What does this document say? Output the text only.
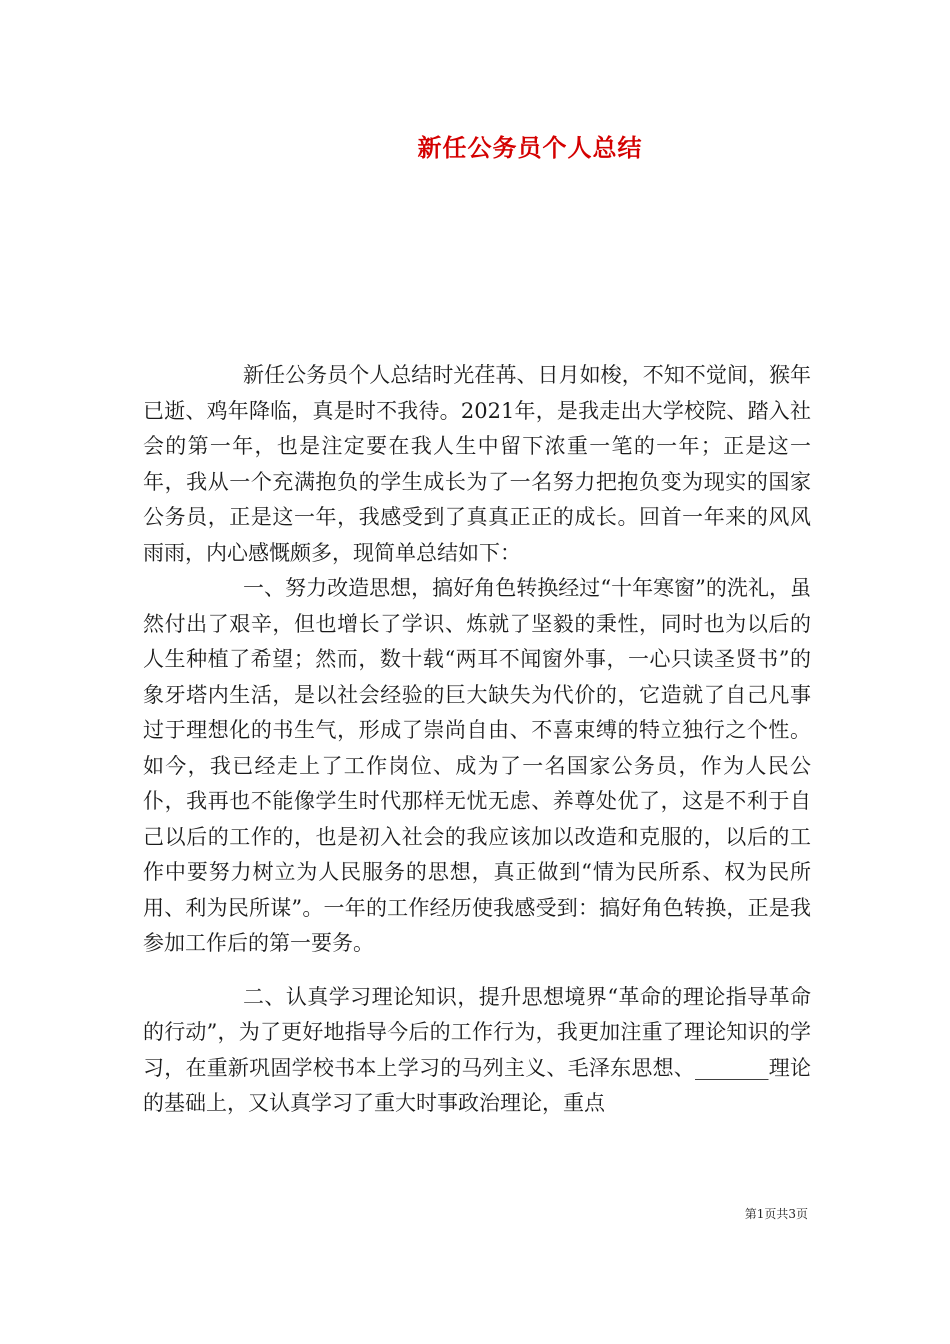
新任公务员个人总结

新任公务员个人总结时光荏苒、日月如梭，不知不觉间，猴年已逝、鸡年降临，真是时不我待。2021年，是我走出大学校院、踏入社会的第一年，也是注定要在我人生中留下浓重一笔的一年；正是这一年，我从一个充满抱负的学生成长为了一名努力把抱负变为现实的国家公务员，正是这一年，我感受到了真真正正的成长。回首一年来的风风雨雨，内心感慨颇多，现简单总结如下：

一、努力改造思想，搞好角色转换经过“十年寒窗”的洗礼，虽然付出了艰辛，但也增长了学识、炼就了坚毅的秉性，同时也为以后的人生种植了希望；然而，数十载“两耳不闻窗外事，一心只读圣贤书”的象牙塔内生活，是以社会经验的巨大缺失为代价的，它造就了自己凡事过于理想化的书生气，形成了崇尚自由、不喜束缚的特立独行之个性。如今，我已经走上了工作岗位、成为了一名国家公务员，作为人民公仆，我再也不能像学生时代那样无忧无虑、养尊处优了，这是不利于自己以后的工作的，也是初入社会的我应该加以改造和克服的，以后的工作中要努力树立为人民服务的思想，真正做到“情为民所系、权为民所用、利为民所谋”。一年的工作经历使我感受到：搞好角色转换，正是我参加工作后的第一要务。

二、认真学习理论知识，提升思想境界“革命的理论指导革命的行动”，为了更好地指导今后的工作行为，我更加注重了理论知识的学习，在重新巩固学校书本上学习的马列主义、毛泽东思想、_______理论的基础上，又认真学习了重大时事政治理论，重点

第1页共3页
